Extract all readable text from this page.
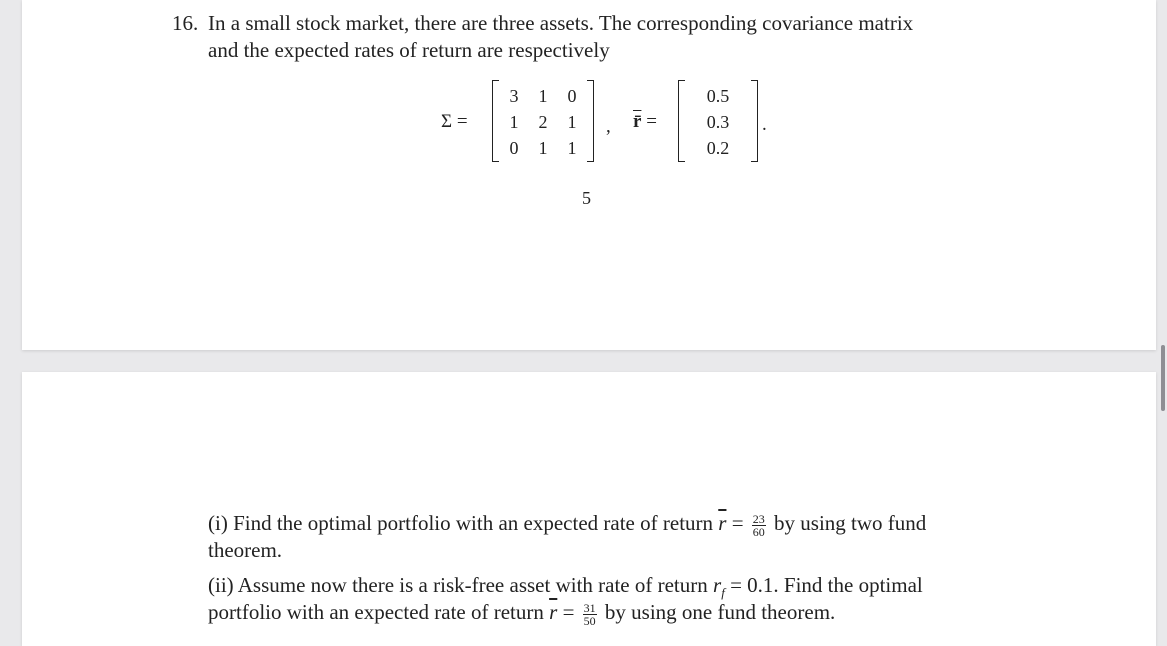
16. In a small stock market, there are three assets. The corresponding covariance matrix
and the expected rates of return are respectively
Σ =
3	1	0
1	2	1
0	1	1
, r̄ =
0.5
0.3
0.2
.
5
(i) Find the optimal portfolio with an expected rate of return $\overline{r} = \frac{23}{60}$ by using two fund
theorem.
(ii) Assume now there is a risk-free asset with rate of return $r_f = 0.1$. Find the optimal
portfolio with an expected rate of return $\overline{r} = \frac{31}{50}$ by using one fund theorem.
